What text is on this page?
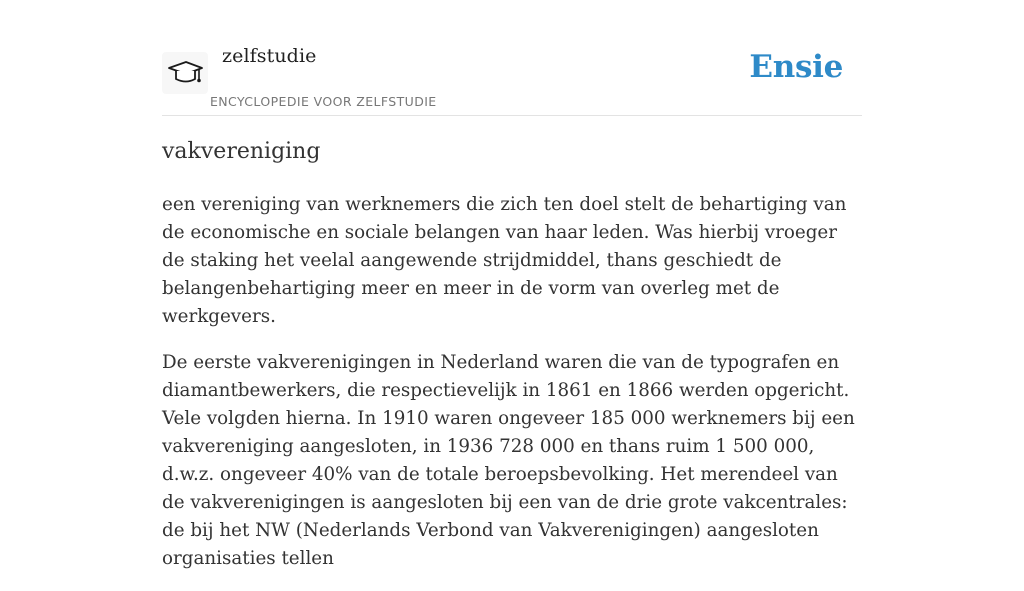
zelfstudie
ENCYCLOPEDIE VOOR ZELFSTUDIE
Ensie
vakvereniging

een vereniging van werknemers die zich ten doel stelt de behartiging van de economische en sociale belangen van haar leden. Was hierbij vroeger de staking het veelal aangewende strijdmiddel, thans geschiedt de belangenbehartiging meer en meer in de vorm van overleg met de werkgevers.

De eerste vakverenigingen in Nederland waren die van de typografen en diamantbewerkers, die respectievelijk in 1861 en 1866 werden opgericht. Vele volgden hierna. In 1910 waren ongeveer 185 000 werknemers bij een vakvereniging aangesloten, in 1936 728 000 en thans ruim 1 500 000, d.w.z. ongeveer 40% van de totale beroepsbevolking. Het merendeel van de vakverenigingen is aangesloten bij een van de drie grote vakcentrales: de bij het NW (Nederlands Verbond van Vakverenigingen) aangesloten organisaties tellen
